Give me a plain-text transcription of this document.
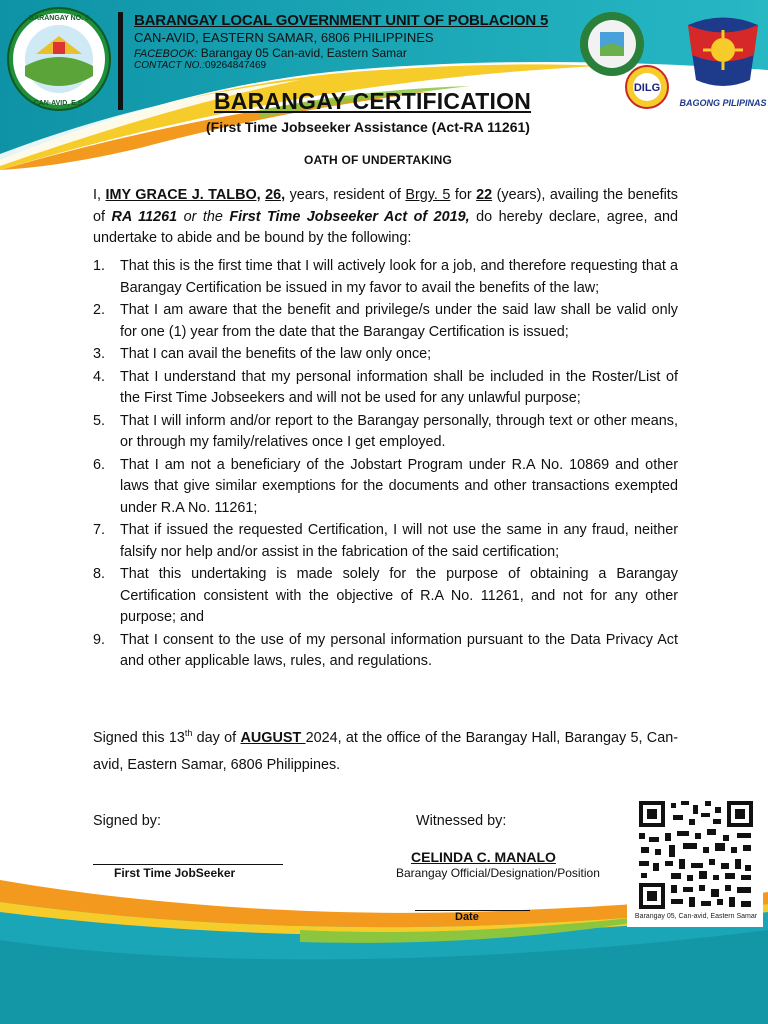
BARANGAY NO. 5
CAN-AVID, E.S.
BARANGAY LOCAL GOVERNMENT UNIT OF POBLACION 5
CAN-AVID, EASTERN SAMAR, 6806 PHILIPPINES
FACEBOOK: Barangay 05 Can-avid, Eastern Samar
CONTACT NO.:09264847469
DILG
BAGONG PILIPINAS
BARANGAY CERTIFICATION
(First Time Jobseeker Assistance (Act-RA 11261)
OATH OF UNDERTAKING
I, IMY GRACE J. TALBO, 26, years, resident of Brgy. 5 for 22 (years), availing the benefits of RA 11261 or the First Time Jobseeker Act of 2019, do hereby declare, agree, and undertake to abide and be bound by the following:
1. That this is the first time that I will actively look for a job, and therefore requesting that a Barangay Certification be issued in my favor to avail the benefits of the law;
2. That I am aware that the benefit and privilege/s under the said law shall be valid only for one (1) year from the date that the Barangay Certification is issued;
3. That I can avail the benefits of the law only once;
4. That I understand that my personal information shall be included in the Roster/List of the First Time Jobseekers and will not be used for any unlawful purpose;
5. That I will inform and/or report to the Barangay personally, through text or other means, or through my family/relatives once I get employed.
6. That I am not a beneficiary of the Jobstart Program under R.A No. 10869 and other laws that give similar exemptions for the documents and other transactions exempted under R.A No. 11261;
7. That if issued the requested Certification, I will not use the same in any fraud, neither falsify nor help and/or assist in the fabrication of the said certification;
8. That this undertaking is made solely for the purpose of obtaining a Barangay Certification consistent with the objective of R.A No. 11261, and not for any other purpose; and
9. That I consent to the use of my personal information pursuant to the Data Privacy Act and other applicable laws, rules, and regulations.
Signed this 13th day of AUGUST 2024, at the office of the Barangay Hall, Barangay 5, Can-avid, Eastern Samar, 6806 Philippines.
Signed by:	Witnessed by:
First Time JobSeeker
CELINDA C. MANALO
Barangay Official/Designation/Position
Date	Barangay 05, Can-avid, Eastern Samar
